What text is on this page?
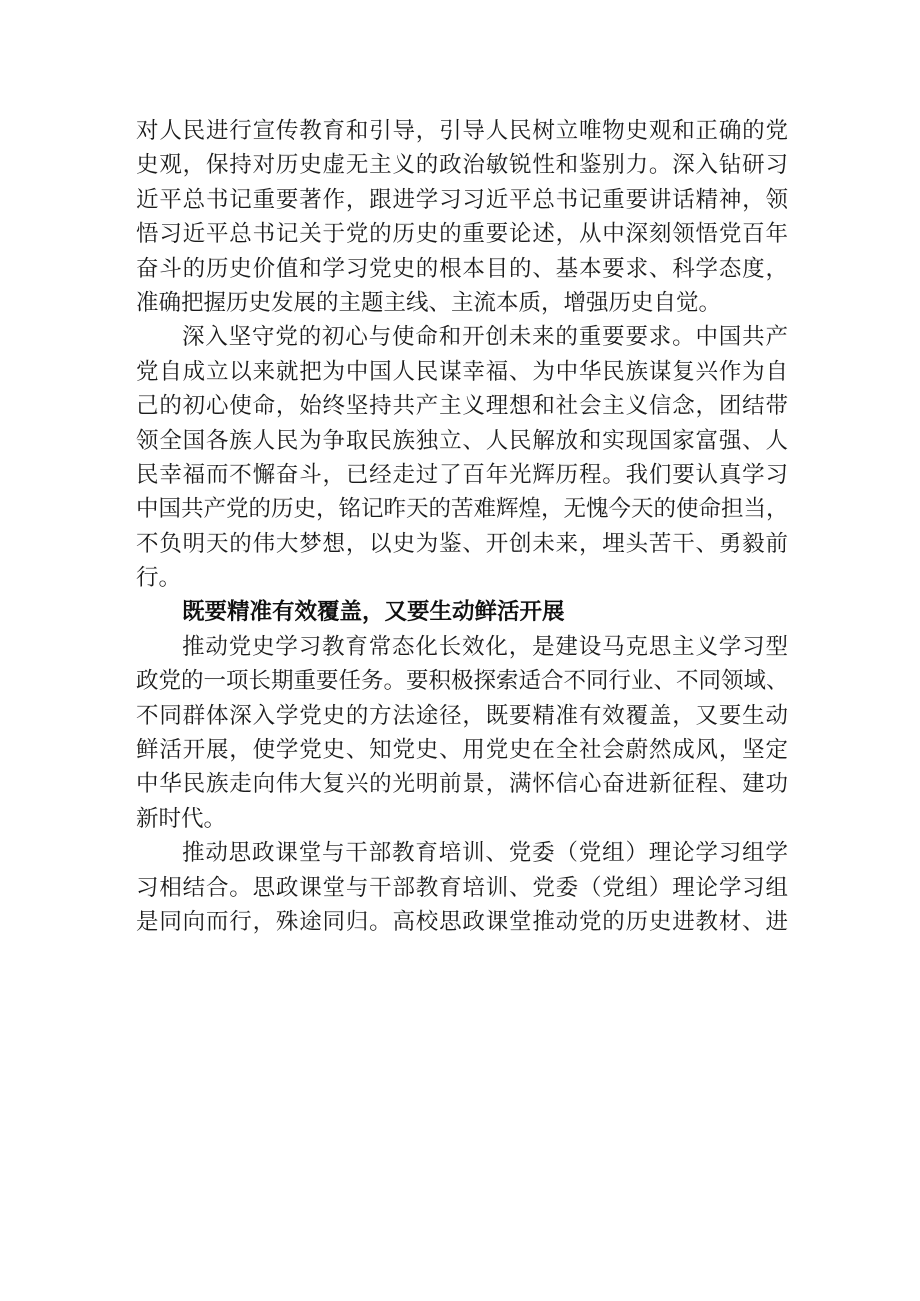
对人民进行宣传教育和引导，引导人民树立唯物史观和正确的党

史观，保持对历史虚无主义的政治敏锐性和鉴别力。深入钻研习

近平总书记重要著作，跟进学习习近平总书记重要讲话精神，领

悟习近平总书记关于党的历史的重要论述，从中深刻领悟党百年

奋斗的历史价值和学习党史的根本目的、基本要求、科学态度，

准确把握历史发展的主题主线、主流本质，增强历史自觉。

深入坚守党的初心与使命和开创未来的重要要求。中国共产

党自成立以来就把为中国人民谋幸福、为中华民族谋复兴作为自

己的初心使命，始终坚持共产主义理想和社会主义信念，团结带

领全国各族人民为争取民族独立、人民解放和实现国家富强、人

民幸福而不懈奋斗，已经走过了百年光辉历程。我们要认真学习

中国共产党的历史，铭记昨天的苦难辉煌，无愧今天的使命担当，

不负明天的伟大梦想，以史为鉴、开创未来，埋头苦干、勇毅前

行。

既要精准有效覆盖，又要生动鲜活开展

推动党史学习教育常态化长效化，是建设马克思主义学习型

政党的一项长期重要任务。要积极探索适合不同行业、不同领域、

不同群体深入学党史的方法途径，既要精准有效覆盖，又要生动

鲜活开展，使学党史、知党史、用党史在全社会蔚然成风，坚定

中华民族走向伟大复兴的光明前景，满怀信心奋进新征程、建功

新时代。

推动思政课堂与干部教育培训、党委（党组）理论学习组学

习相结合。思政课堂与干部教育培训、党委（党组）理论学习组

是同向而行，殊途同归。高校思政课堂推动党的历史进教材、进
